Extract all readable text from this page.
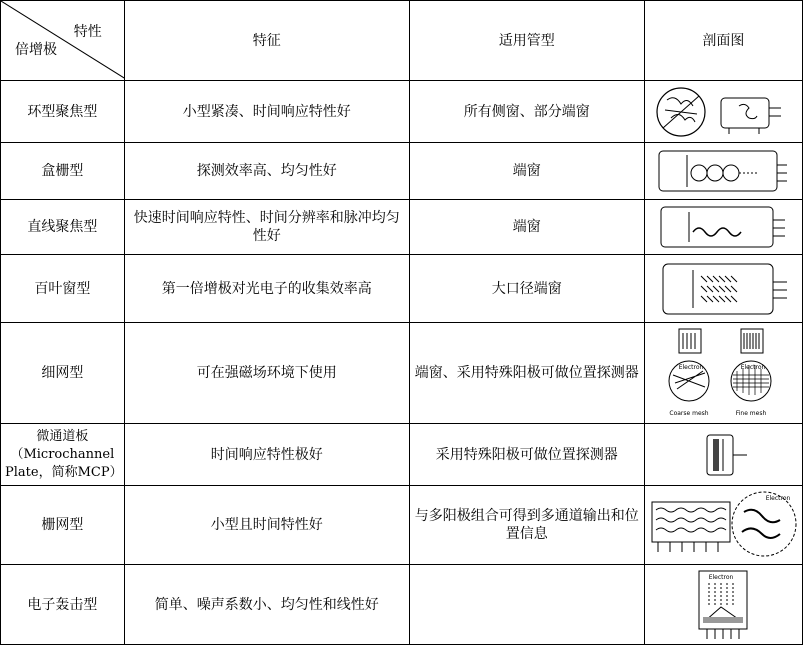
特性
倍增极	特征	适用管型	剖面图
环型聚焦型	小型紧凑、时间响应特性好	所有侧窗、部分端窗	

盒栅型	探测效率高、均匀性好	端窗	

直线聚焦型	快速时间响应特性、时间分辨率和脉冲均匀性好	端窗	

百叶窗型	第一倍增极对光电子的收集效率高	大口径端窗	

细网型	可在强磁场环境下使用	端窗、采用特殊阳极可做位置探测器	Electron Electron
Coarse mesh Fine mesh

微通道板（Microchannel Plate，简称MCP）	时间响应特性极好	采用特殊阳极可做位置探测器	

栅网型	小型且时间特性好	与多阳极组合可得到多通道输出和位置信息	Electron

电子轰击型	简单、噪声系数小、均匀性和线性好		Electron
